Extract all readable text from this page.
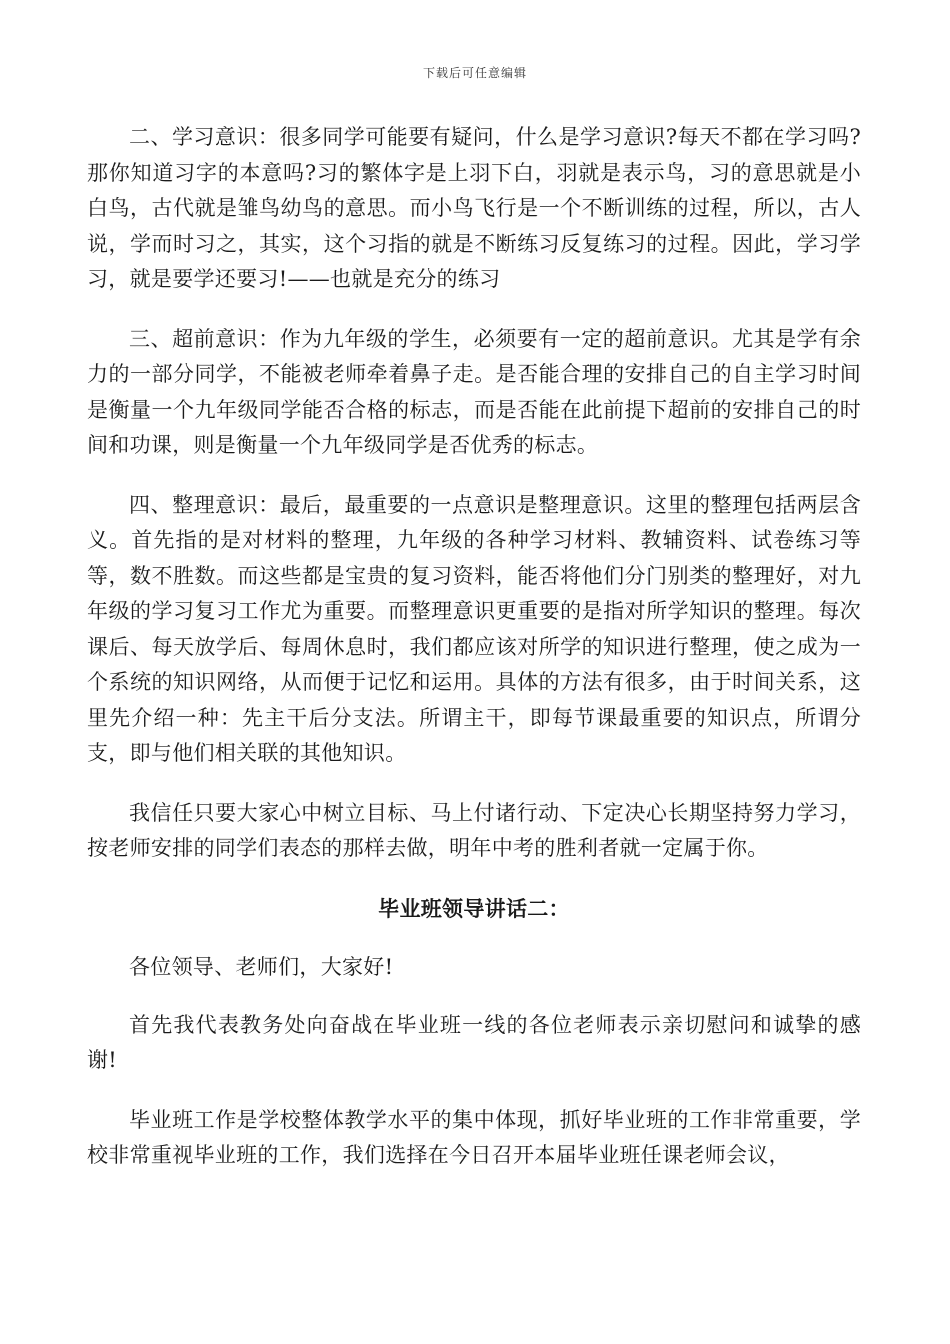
下载后可任意编辑

二、学习意识：很多同学可能要有疑问，什么是学习意识?每天不都在学习吗?那你知道习字的本意吗?习的繁体字是上羽下白，羽就是表示鸟，习的意思就是小白鸟，古代就是雏鸟幼鸟的意思。而小鸟飞行是一个不断训练的过程，所以，古人说，学而时习之，其实，这个习指的就是不断练习反复练习的过程。因此，学习学习，就是要学还要习!——也就是充分的练习

三、超前意识：作为九年级的学生，必须要有一定的超前意识。尤其是学有余力的一部分同学，不能被老师牵着鼻子走。是否能合理的安排自己的自主学习时间是衡量一个九年级同学能否合格的标志，而是否能在此前提下超前的安排自己的时间和功课，则是衡量一个九年级同学是否优秀的标志。

四、整理意识：最后，最重要的一点意识是整理意识。这里的整理包括两层含义。首先指的是对材料的整理，九年级的各种学习材料、教辅资料、试卷练习等等，数不胜数。而这些都是宝贵的复习资料，能否将他们分门别类的整理好，对九年级的学习复习工作尤为重要。而整理意识更重要的是指对所学知识的整理。每次课后、每天放学后、每周休息时，我们都应该对所学的知识进行整理，使之成为一个系统的知识网络，从而便于记忆和运用。具体的方法有很多，由于时间关系，这里先介绍一种：先主干后分支法。所谓主干，即每节课最重要的知识点，所谓分支，即与他们相关联的其他知识。

我信任只要大家心中树立目标、马上付诸行动、下定决心长期坚持努力学习，按老师安排的同学们表态的那样去做，明年中考的胜利者就一定属于你。

毕业班领导讲话二：

各位领导、老师们，大家好!

首先我代表教务处向奋战在毕业班一线的各位老师表示亲切慰问和诚挚的感谢!

毕业班工作是学校整体教学水平的集中体现，抓好毕业班的工作非常重要，学校非常重视毕业班的工作，我们选择在今日召开本届毕业班任课老师会议，
